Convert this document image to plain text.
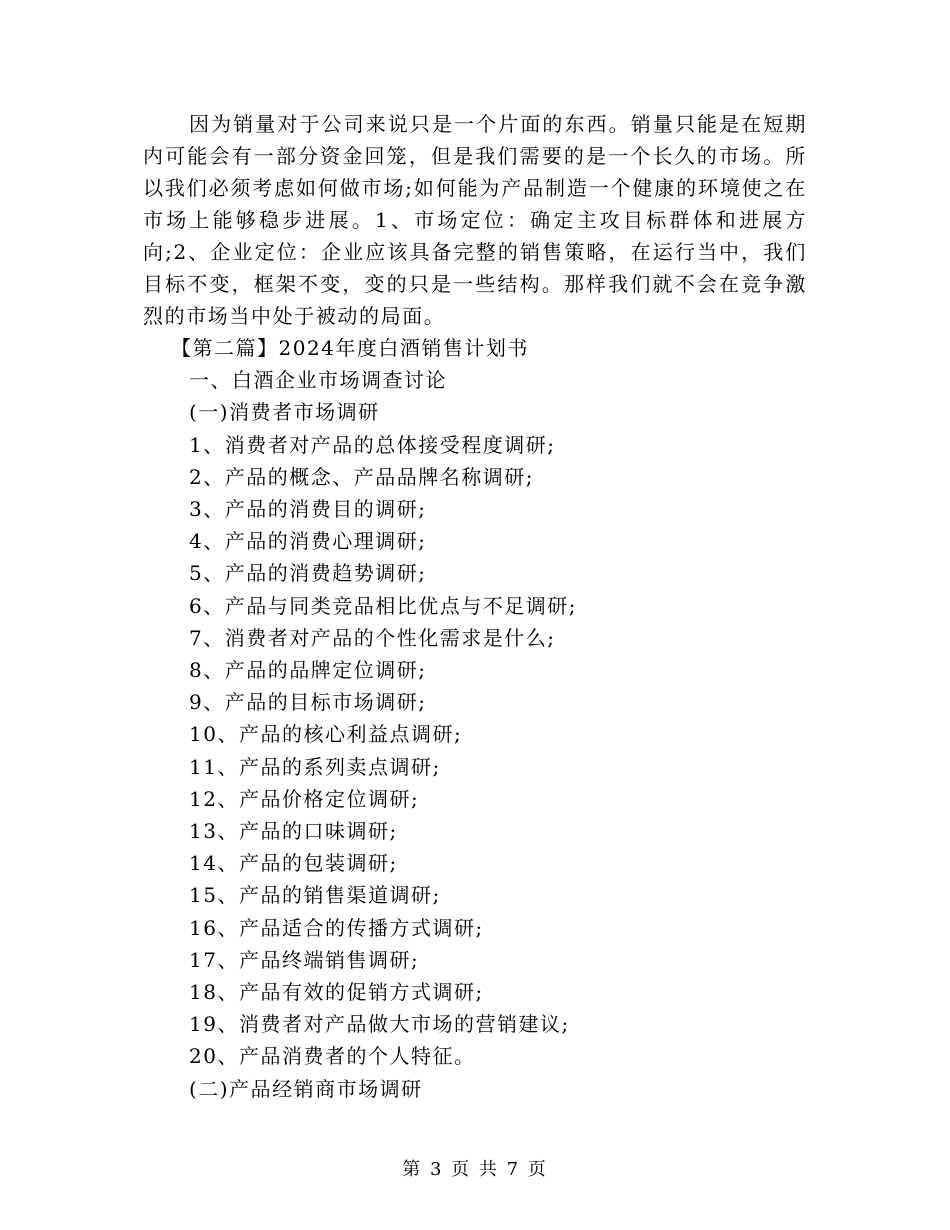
因为销量对于公司来说只是一个片面的东西。销量只能是在短期内可能会有一部分资金回笼，但是我们需要的是一个长久的市场。所以我们必须考虑如何做市场;如何能为产品制造一个健康的环境使之在市场上能够稳步进展。1、市场定位：确定主攻目标群体和进展方向;2、企业定位：企业应该具备完整的销售策略，在运行当中，我们目标不变，框架不变，变的只是一些结构。那样我们就不会在竞争激烈的市场当中处于被动的局面。

【第二篇】2024年度白酒销售计划书

一、白酒企业市场调查讨论

(一)消费者市场调研

1、消费者对产品的总体接受程度调研;

2、产品的概念、产品品牌名称调研;

3、产品的消费目的调研;

4、产品的消费心理调研;

5、产品的消费趋势调研;

6、产品与同类竞品相比优点与不足调研;

7、消费者对产品的个性化需求是什么;

8、产品的品牌定位调研;

9、产品的目标市场调研;

10、产品的核心利益点调研;

11、产品的系列卖点调研;

12、产品价格定位调研;

13、产品的口味调研;

14、产品的包装调研;

15、产品的销售渠道调研;

16、产品适合的传播方式调研;

17、产品终端销售调研;

18、产品有效的促销方式调研;

19、消费者对产品做大市场的营销建议;

20、产品消费者的个人特征。

(二)产品经销商市场调研

第 3 页 共 7 页
